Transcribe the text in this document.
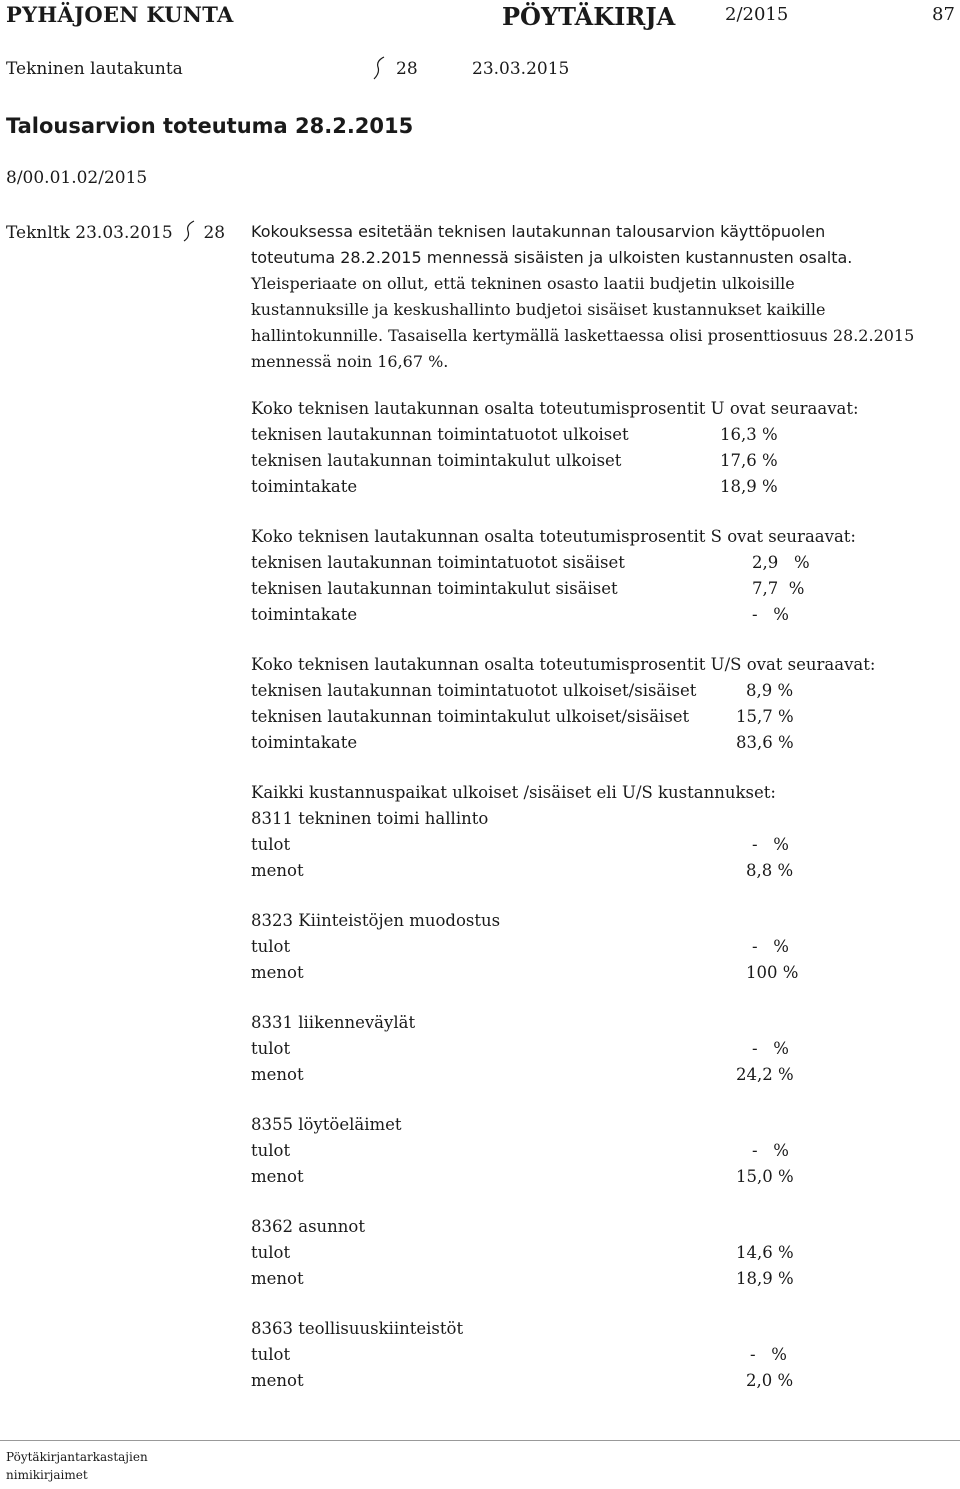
PYHÄJOEN KUNTA	PÖYTÄKIRJA	2/2015	87
Tekninen lautakunta	28	23.03.2015
Talousarvion toteutuma 28.2.2015
8/00.01.02/2015
Teknltk 23.03.2015 28 Kokouksessa esitetään teknisen lautakunnan talousarvion käyttöpuolen
toteutuma 28.2.2015 mennessä sisäisten ja ulkoisten kustannusten osalta.
Yleisperiaate on ollut, että tekninen osasto laatii budjetin ulkoisille
kustannuksille ja keskushallinto budjetoi sisäiset kustannukset kaikille
hallintokunnille. Tasaisella kertymällä laskettaessa olisi prosenttiosuus 28.2.2015
mennessä noin 16,67 %.
Koko teknisen lautakunnan osalta toteutumisprosentit U ovat seuraavat:
teknisen lautakunnan toimintatuotot ulkoiset	16,3 %
teknisen lautakunnan toimintakulut ulkoiset	17,6 %
toimintakate	18,9 %
Koko teknisen lautakunnan osalta toteutumisprosentit S ovat seuraavat:
teknisen lautakunnan toimintatuotot sisäiset	2,9   %
teknisen lautakunnan toimintakulut sisäiset	7,7  %
toimintakate	-   %
Koko teknisen lautakunnan osalta toteutumisprosentit U/S ovat seuraavat:
teknisen lautakunnan toimintatuotot ulkoiset/sisäiset	8,9 %
teknisen lautakunnan toimintakulut ulkoiset/sisäiset	15,7 %
toimintakate	83,6 %
Kaikki kustannuspaikat ulkoiset /sisäiset eli U/S kustannukset:
8311 tekninen toimi hallinto
tulot	-   %
menot	8,8 %
8323 Kiinteistöjen muodostus
tulot	-   %
menot	100 %
8331 liikenneväylät
tulot	-   %
menot	24,2 %
8355 löytöeläimet
tulot	-   %
menot	15,0 %
8362 asunnot
tulot	14,6 %
menot	18,9 %
8363 teollisuuskiinteistöt
tulot	-   %
menot	2,0 %
Pöytäkirjantarkastajien
nimikirjaimet
